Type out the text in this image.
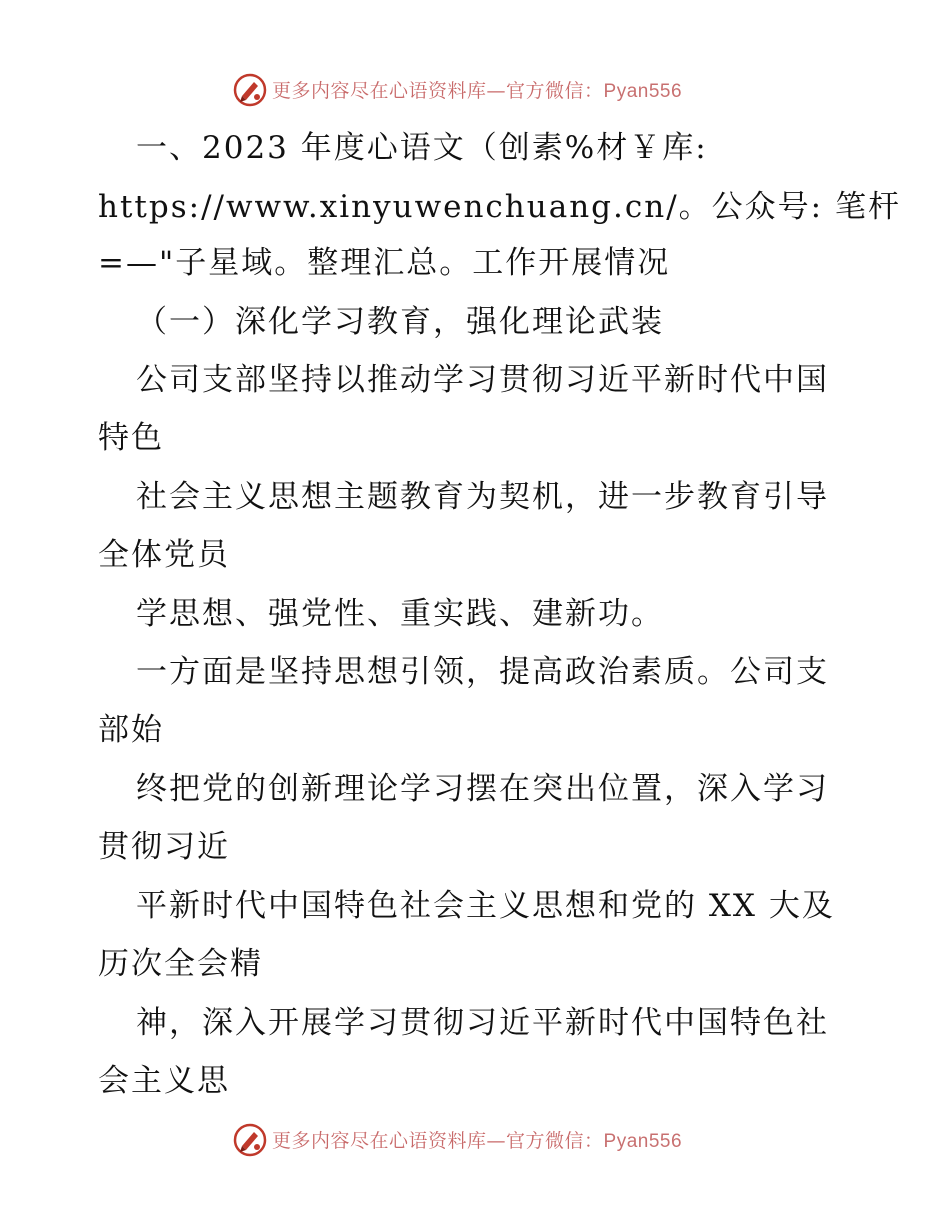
更多内容尽在心语资料库—官方微信：Pyan556
一、2023 年度心语文（创素%材￥库:
https://www.xinyuwenchuang.cn/。公众号: 笔杆
=—"子星域。整理汇总。工作开展情况
（一）深化学习教育，强化理论武装
公司支部坚持以推动学习贯彻习近平新时代中国
特色
社会主义思想主题教育为契机，进一步教育引导
全体党员
学思想、强党性、重实践、建新功。
一方面是坚持思想引领，提高政治素质。公司支
部始
终把党的创新理论学习摆在突出位置，深入学习
贯彻习近
平新时代中国特色社会主义思想和党的 XX 大及
历次全会精
神，深入开展学习贯彻习近平新时代中国特色社
会主义思
更多内容尽在心语资料库—官方微信：Pyan556
